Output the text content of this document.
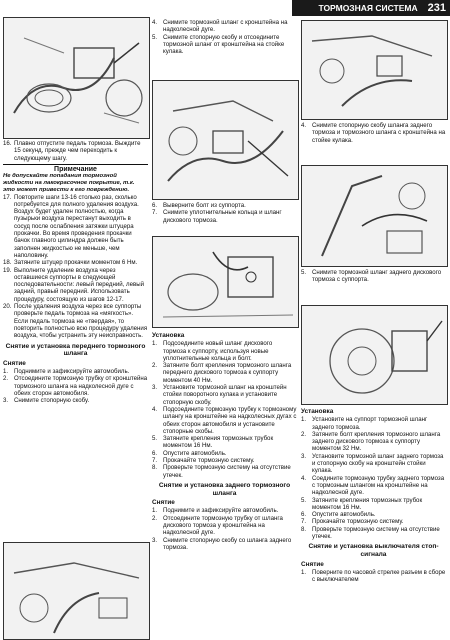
ТОРМОЗНАЯ СИСТЕМА 231
16. Плавно отпустите педаль тормоза. Выждите 15 секунд, прежде чем переходить к следующему шагу.
Примечание
Не допускайте попадания тормозной жидкости на лакокрасочное покрытие, т.к. это может привести к его повреждению.
17. Повторите шаги 13-16 столько раз, сколько потребуется для полного удаления воздуха. Воздух будет удален полностью, когда пузырьки воздуха перестанут выходить в сосуд после ослабления затяжки штуцера прокачки. Во время проведения прокачки бачок главного цилиндра должен быть заполнен жидкостью не меньше, чем наполовину.
18. Затяните штуцер прокачки моментом 6 Нм.
19. Выполните удаление воздуха через оставшиеся суппорты в следующей последовательности: левый передний, левый задний, правый передний. Использовать процедуру, состоящую из шагов 12-17.
20. После удаления воздуха через все суппорты проверьте педаль тормоза на «мягкость». Если педаль тормоза не «твердая», то повторить полностью всю процедуру удаления воздуха, чтобы устранить эту неисправность.
Снятие и установка переднего тормозного шланга
Снятие
1. Поднимите и зафиксируйте автомобиль.
2. Отсоедините тормозную трубку от кронштейна тормозного шланга на надколесной дуге с обеих сторон автомобиля.
3. Снимите стопорную скобу.
4. Снимите тормозной шланг с кронштейна на надколесной дуге.
5. Снимите стопорную скобу и отсоедините тормозной шланг от кронштейна на стойке кулака.
6. Выверните болт из суппорта.
7. Снимите уплотнительные кольца и шланг дискового тормоза.
Установка
1. Подсоедините новый шланг дискового тормоза к суппорту, используя новые уплотнительные кольца и болт.
2. Затяните болт крепления тормозного шланга переднего дискового тормоза к суппорту моментом 40 Нм.
3. Установите тормозной шланг на кронштейн стойки поворотного кулака и установите стопорную скобу.
4. Подсоедините тормозную трубку к тормозному шлангу на кронштейне на надколесных дугах с обеих сторон автомобиля и установите стопорные скобы.
5. Затяните крепления тормозных трубок моментом 16 Нм.
6. Опустите автомобиль.
7. Прокачайте тормозную систему.
8. Проверьте тормозную систему на отсутствие утечек.
Снятие и установка заднего тормозного шланга
Снятие
1. Поднимите и зафиксируйте автомобиль.
2. Отсоедините тормозную трубку от шланга дискового тормоза у кронштейна на надколесной дуге.
3. Снимите стопорную скобу со шланга заднего тормоза.
4. Снимите стопорную скобу шланга заднего тормоза и тормозного шланга с кронштейна на стойке кулака.
5. Снимите тормозной шланг заднего дискового тормоза с суппорта.
Установка
1. Установите на суппорт тормозной шланг заднего тормоза.
2. Затяните болт крепления тормозного шланга заднего дискового тормоза к суппорту моментом 32 Нм.
3. Установите тормозной шланг заднего тормоза и стопорную скобу на кронштейн стойки кулака.
4. Соедините тормозную трубку заднего тормоза с тормозным шлангом на кронштейне на надколесной дуге.
5. Затяните крепления тормозных трубок моментом 16 Нм.
6. Опустите автомобиль.
7. Прокачайте тормозную систему.
8. Проверьте тормозную систему на отсутствие утечек.
Снятие и установка выключателя стоп-сигнала
Снятие
1. Поверните по часовой стрелке разъем в сборе с выключателем
